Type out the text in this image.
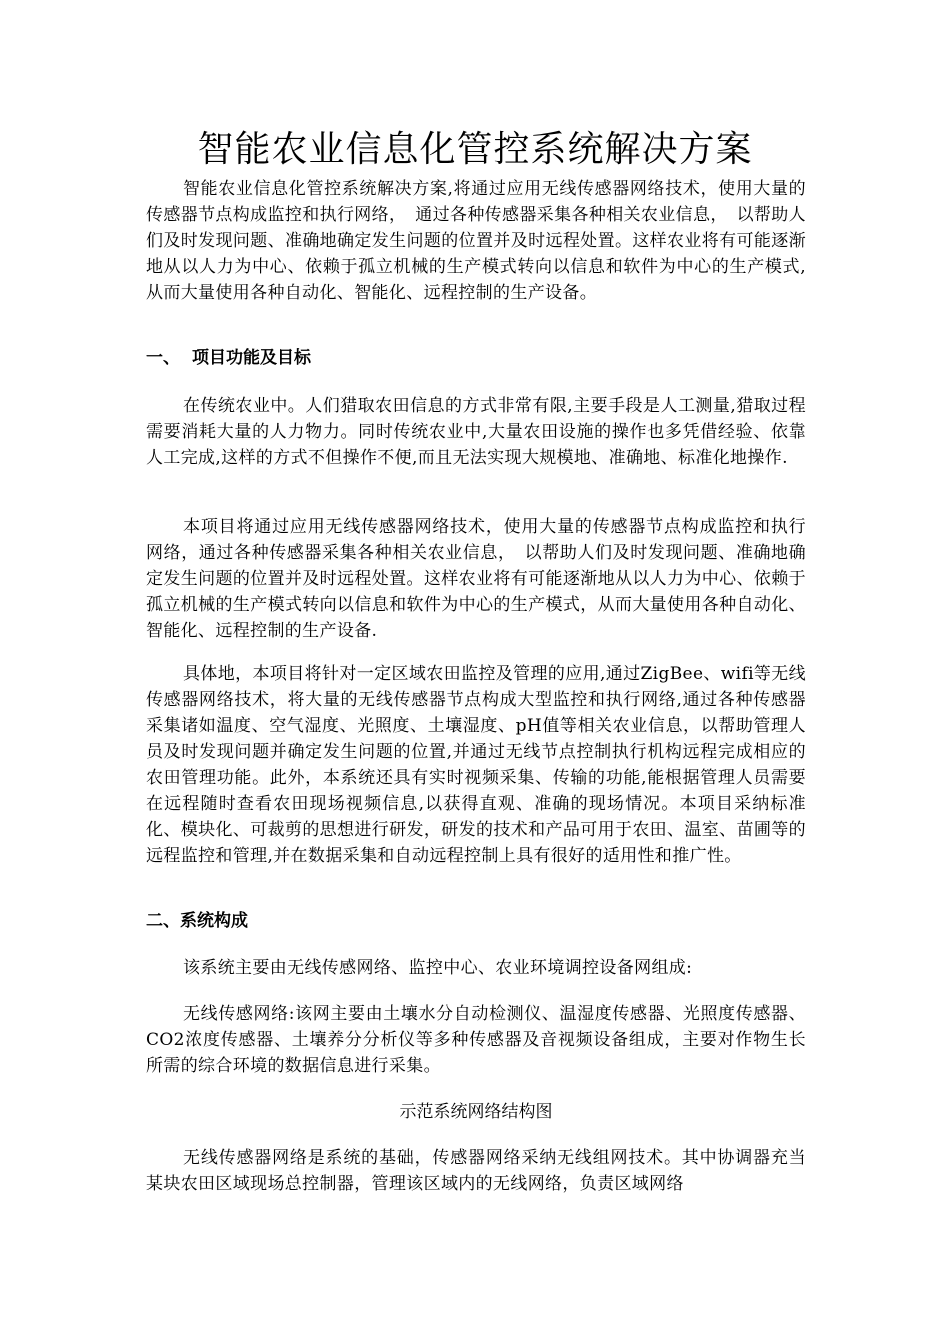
智能农业信息化管控系统解决方案

智能农业信息化管控系统解决方案,将通过应用无线传感器网络技术，使用大量的传感器节点构成监控和执行网络，　通过各种传感器采集各种相关农业信息，　以帮助人们及时发现问题、准确地确定发生问题的位置并及时远程处置。这样农业将有可能逐渐地从以人力为中心、依赖于孤立机械的生产模式转向以信息和软件为中心的生产模式,从而大量使用各种自动化、智能化、远程控制的生产设备。

一、 项目功能及目标

在传统农业中。人们猎取农田信息的方式非常有限,主要手段是人工测量,猎取过程需要消耗大量的人力物力。同时传统农业中,大量农田设施的操作也多凭借经验、依靠人工完成,这样的方式不但操作不便,而且无法实现大规模地、准确地、标准化地操作.

本项目将通过应用无线传感器网络技术，使用大量的传感器节点构成监控和执行网络，通过各种传感器采集各种相关农业信息，　以帮助人们及时发现问题、准确地确定发生问题的位置并及时远程处置。这样农业将有可能逐渐地从以人力为中心、依赖于孤立机械的生产模式转向以信息和软件为中心的生产模式，从而大量使用各种自动化、智能化、远程控制的生产设备.

具体地，本项目将针对一定区域农田监控及管理的应用,通过ZigBee、wifi等无线传感器网络技术，将大量的无线传感器节点构成大型监控和执行网络,通过各种传感器采集诸如温度、空气湿度、光照度、土壤湿度、pH值等相关农业信息，以帮助管理人员及时发现问题并确定发生问题的位置,并通过无线节点控制执行机构远程完成相应的农田管理功能。此外，本系统还具有实时视频采集、传输的功能,能根据管理人员需要在远程随时查看农田现场视频信息,以获得直观、准确的现场情况。本项目采纳标准化、模块化、可裁剪的思想进行研发，研发的技术和产品可用于农田、温室、苗圃等的远程监控和管理,并在数据采集和自动远程控制上具有很好的适用性和推广性。

二、系统构成

该系统主要由无线传感网络、监控中心、农业环境调控设备网组成:

无线传感网络:该网主要由土壤水分自动检测仪、温湿度传感器、光照度传感器、CO2浓度传感器、土壤养分分析仪等多种传感器及音视频设备组成，主要对作物生长所需的综合环境的数据信息进行采集。

示范系统网络结构图

无线传感器网络是系统的基础，传感器网络采纳无线组网技术。其中协调器充当某块农田区域现场总控制器，管理该区域内的无线网络，负责区域网络
